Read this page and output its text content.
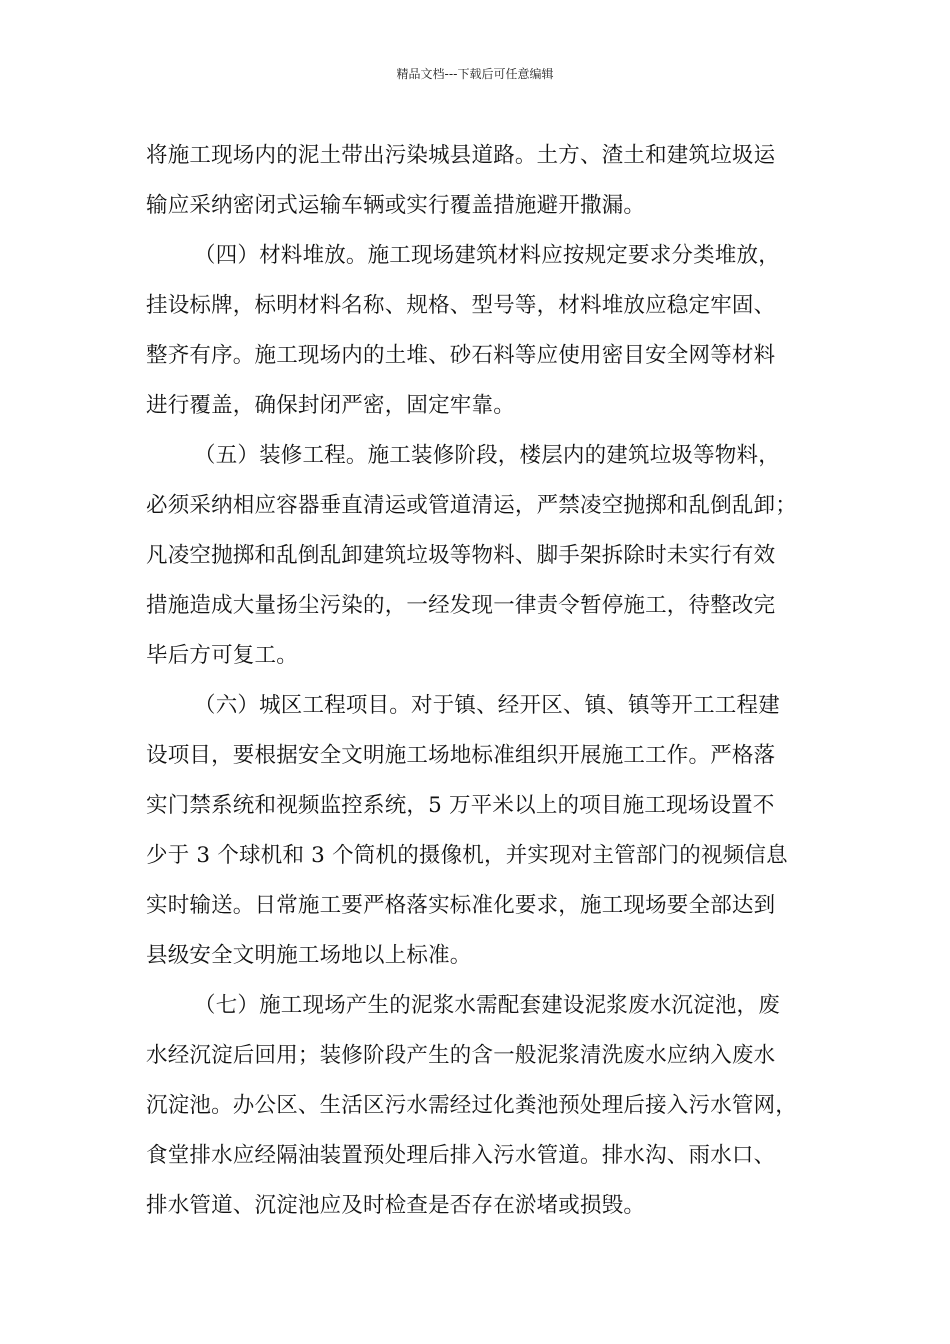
精品文档---下载后可任意编辑
将施工现场内的泥土带出污染城县道路。土方、渣土和建筑垃圾运
输应采纳密闭式运输车辆或实行覆盖措施避开撒漏。
（四）材料堆放。施工现场建筑材料应按规定要求分类堆放，
挂设标牌，标明材料名称、规格、型号等，材料堆放应稳定牢固、
整齐有序。施工现场内的土堆、砂石料等应使用密目安全网等材料
进行覆盖，确保封闭严密，固定牢靠。
（五）装修工程。施工装修阶段，楼层内的建筑垃圾等物料，
必须采纳相应容器垂直清运或管道清运，严禁凌空抛掷和乱倒乱卸；
凡凌空抛掷和乱倒乱卸建筑垃圾等物料、脚手架拆除时未实行有效
措施造成大量扬尘污染的，一经发现一律责令暂停施工，待整改完
毕后方可复工。
（六）城区工程项目。对于镇、经开区、镇、镇等开工工程建
设项目，要根据安全文明施工场地标准组织开展施工工作。严格落
实门禁系统和视频监控系统，5 万平米以上的项目施工现场设置不
少于 3 个球机和 3 个筒机的摄像机，并实现对主管部门的视频信息
实时输送。日常施工要严格落实标准化要求，施工现场要全部达到
县级安全文明施工场地以上标准。
（七）施工现场产生的泥浆水需配套建设泥浆废水沉淀池，废
水经沉淀后回用；装修阶段产生的含一般泥浆清洗废水应纳入废水
沉淀池。办公区、生活区污水需经过化粪池预处理后接入污水管网，
食堂排水应经隔油装置预处理后排入污水管道。排水沟、雨水口、
排水管道、沉淀池应及时检查是否存在淤堵或损毁。
